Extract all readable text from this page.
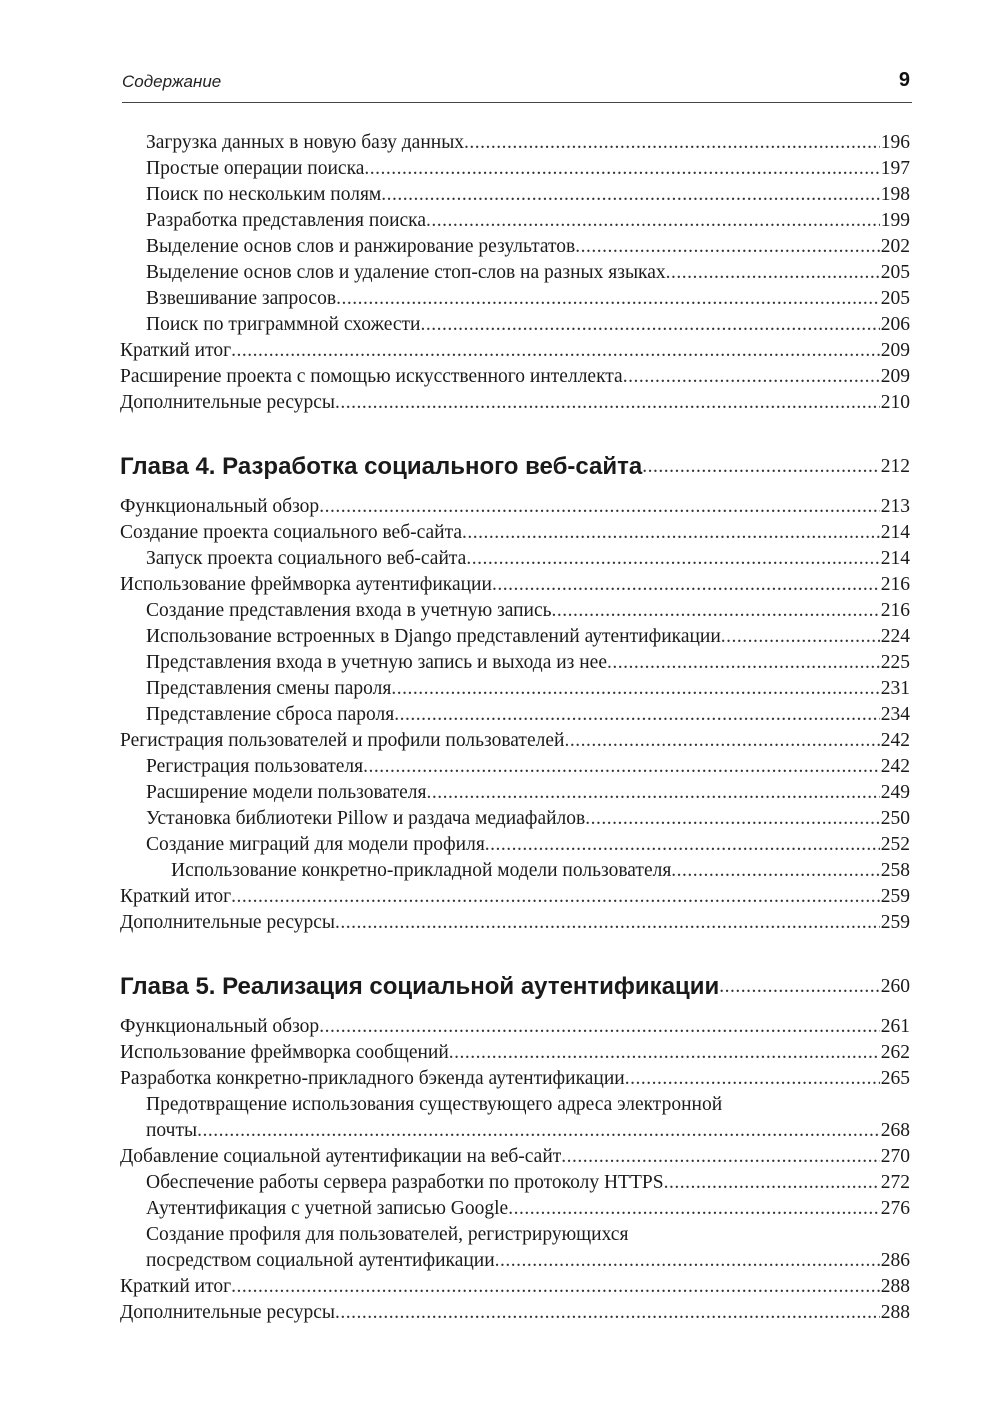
Содержание	9
Загрузка данных в новую базу данных .....	196
Простые операции поиска .....	197
Поиск по нескольким полям .....	198
Разработка представления поиска .....	199
Выделение основ слов и ранжирование результатов .....	202
Выделение основ слов и удаление стоп-слов на разных языках .....	205
Взвешивание запросов .....	205
Поиск по триграммной схожести .....	206
Краткий итог .....	209
Расширение проекта с помощью искусственного интеллекта .....	209
Дополнительные ресурсы .....	210
Глава 4. Разработка социального веб-сайта .....	212
Функциональный обзор .....	213
Создание проекта социального веб-сайта .....	214
Запуск проекта социального веб-сайта .....	214
Использование фреймворка аутентификации .....	216
Создание представления входа в учетную запись .....	216
Использование встроенных в Django представлений аутентификации .....	224
Представления входа в учетную запись и выхода из нее .....	225
Представления смены пароля .....	231
Представление сброса пароля .....	234
Регистрация пользователей и профили пользователей .....	242
Регистрация пользователя .....	242
Расширение модели пользователя .....	249
Установка библиотеки Pillow и раздача медиафайлов .....	250
Создание миграций для модели профиля .....	252
Использование конкретно-прикладной модели пользователя .....	258
Краткий итог .....	259
Дополнительные ресурсы .....	259
Глава 5. Реализация социальной аутентификации .....	260
Функциональный обзор .....	261
Использование фреймворка сообщений .....	262
Разработка конкретно-прикладного бэкенда аутентификации .....	265
Предотвращение использования существующего адреса электронной
почты .....	268
Добавление социальной аутентификации на веб-сайт .....	270
Обеспечение работы сервера разработки по протоколу HTTPS .....	272
Аутентификация с учетной записью Google .....	276
Создание профиля для пользователей, регистрирующихся
посредством социальной аутентификации .....	286
Краткий итог .....	288
Дополнительные ресурсы .....	288
